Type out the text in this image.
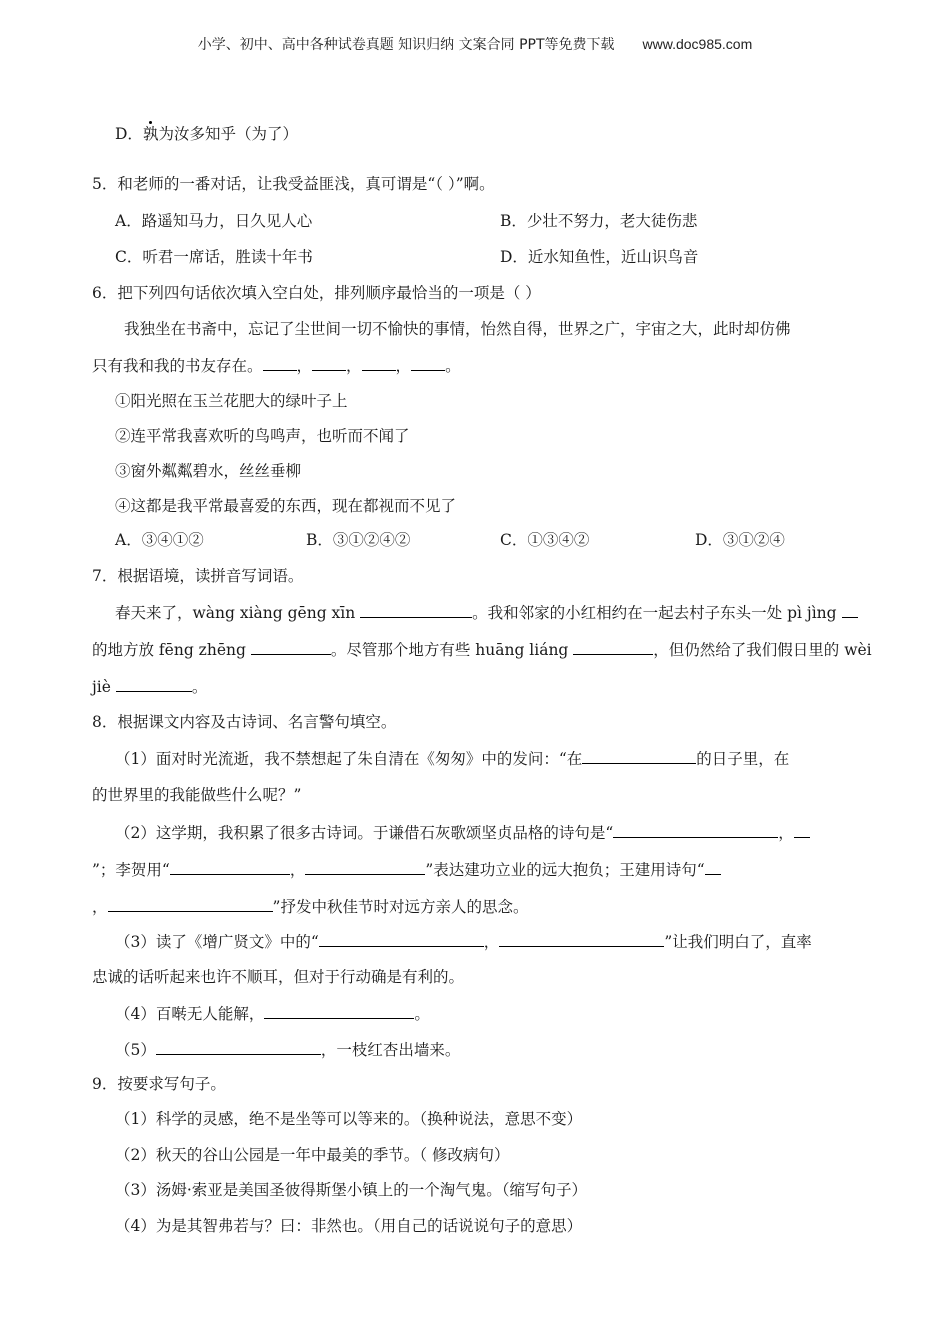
小学、初中、高中各种试卷真题 知识归纳 文案合同 PPT等免费下载 www.doc985.com
D．孰为汝多知乎（为了）
5．和老师的一番对话，让我受益匪浅，真可谓是“（ ）”啊。
A．路遥知马力，日久见人心	B．少壮不努力，老大徒伤悲
C．听君一席话，胜读十年书	D．近水知鱼性，近山识鸟音
6．把下列四句话依次填入空白处，排列顺序最恰当的一项是（ ）
我独坐在书斋中，忘记了尘世间一切不愉快的事情，怡然自得，世界之广，宇宙之大，此时却仿佛
只有我和我的书友存在。 ， ， ， 。
①阳光照在玉兰花肥大的绿叶子上
②连平常我喜欢听的鸟鸣声，也听而不闻了
③窗外粼粼碧水，丝丝垂柳
④这都是我平常最喜爱的东西，现在都视而不见了
A．③④①②	B．③①②④②	C．①③④②	D．③①②④
7．根据语境，读拼音写词语。
春天来了，wàng xiàng gēng xīn	。我和邻家的小红相约在一起去村子东头一处 pì jìng
的地方放 fēng zhēng	。尽管那个地方有些 huāng liáng	，但仍然给了我们假日里的 wèi
jiè	。
8．根据课文内容及古诗词、名言警句填空。
（1）面对时光流逝，我不禁想起了朱自清在《匆匆》中的发问：“在	的日子里，在
的世界里的我能做些什么呢？”
（2）这学期，我积累了很多古诗词。于谦借石灰歌颂坚贞品格的诗句是“	，
”；李贺用“	，	”表达建功立业的远大抱负；王建用诗句“
，	”抒发中秋佳节时对远方亲人的思念。
（3）读了《增广贤文》中的“	，	”让我们明白了，直率
忠诚的话听起来也许不顺耳，但对于行动确是有利的。
（4）百啭无人能解，	。
（5）	，一枝红杏出墙来。
9．按要求写句子。
（1）科学的灵感，绝不是坐等可以等来的。（换种说法，意思不变）
（2）秋天的谷山公园是一年中最美的季节。（ 修改病句）
（3）汤姆·索亚是美国圣彼得斯堡小镇上的一个淘气鬼。（缩写句子）
（4）为是其智弗若与？曰：非然也。（用自己的话说说句子的意思）
